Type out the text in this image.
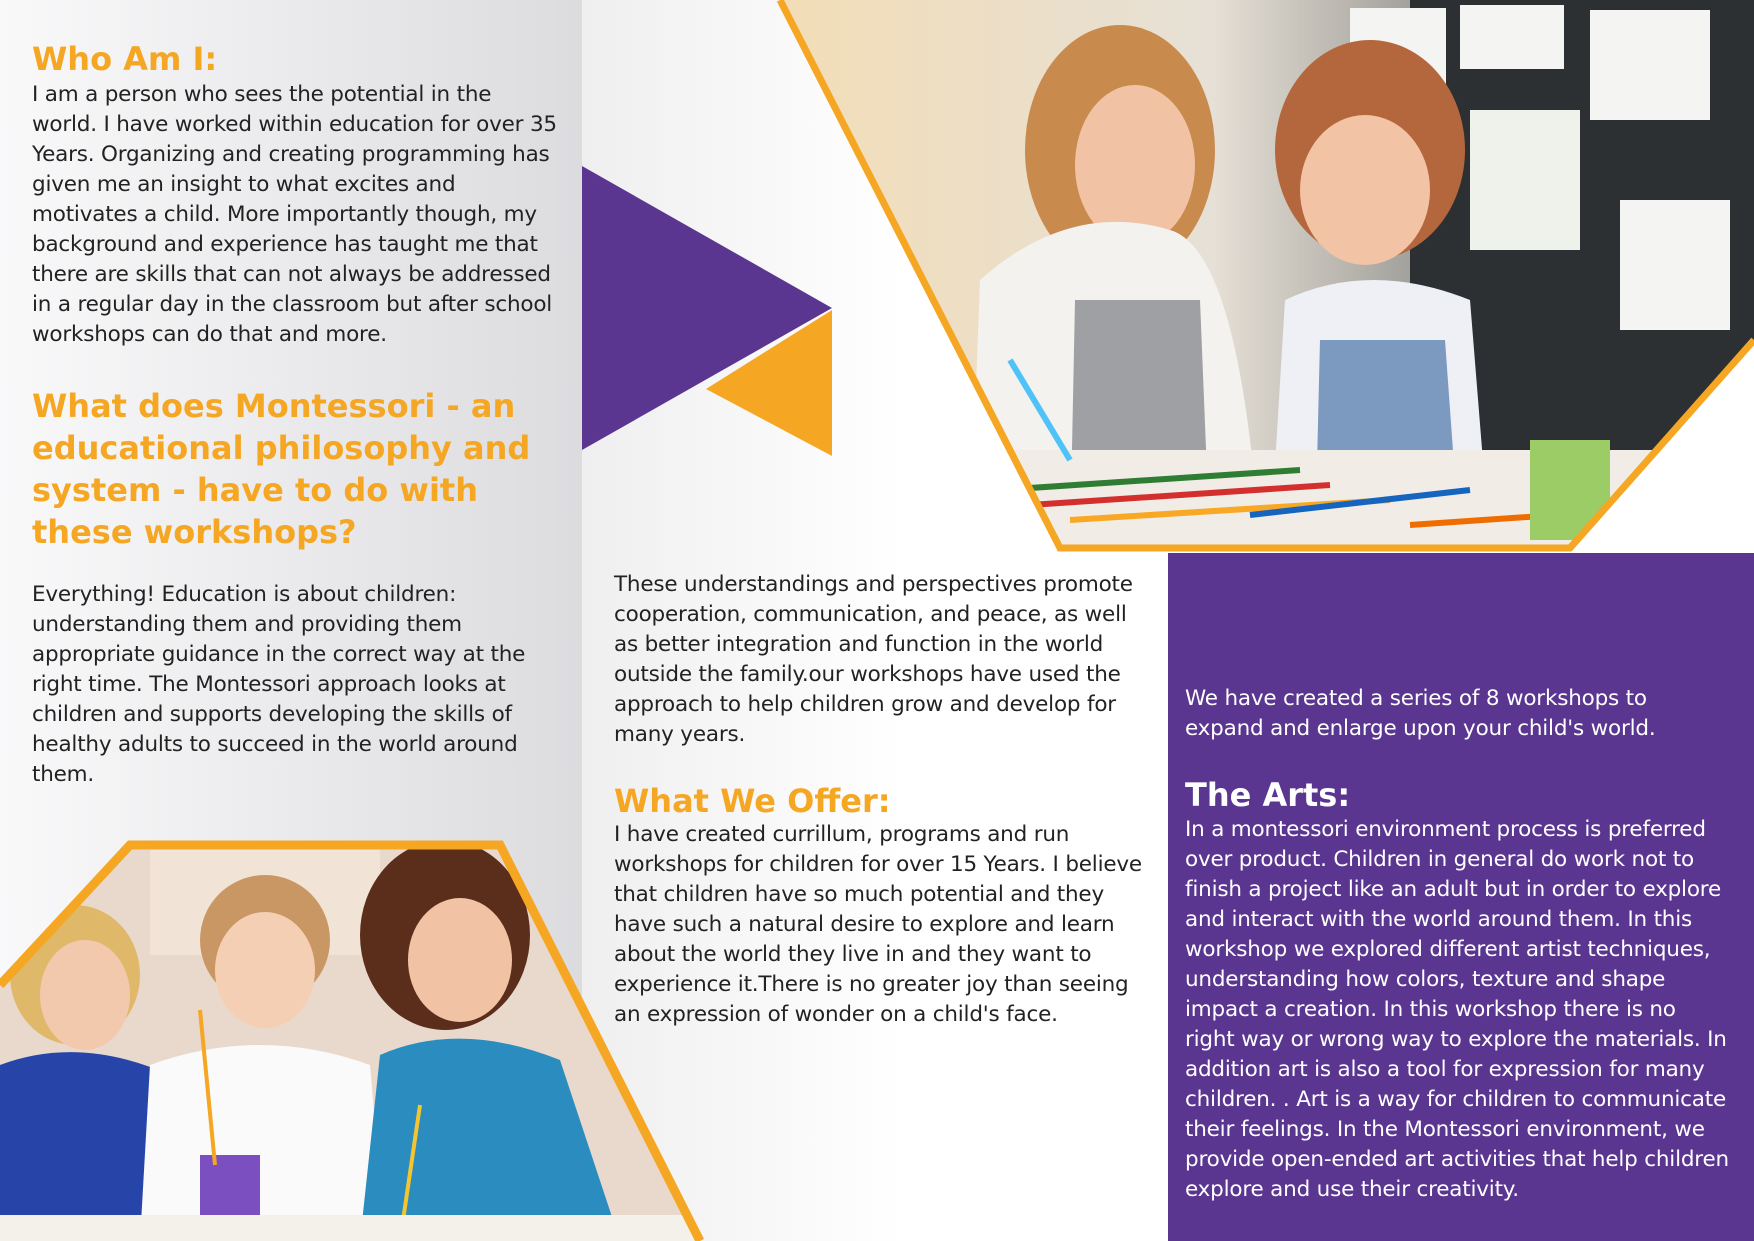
Who Am I:

I am a person who sees the potential in the world. I have worked within education for over 35 Years. Organizing and creating programming has given me an insight to what excites and motivates a child. More importantly though, my background and experience has taught me that there are skills that can not always be addressed in a regular day in the classroom but after school workshops can do that and more.

What does Montessori - an educational philosophy and system - have to do with these workshops?

Everything! Education is about children: understanding them and providing them appropriate guidance in the correct way at the right time. The Montessori approach looks at children and supports developing the skills of healthy adults to succeed in the world around them.

These understandings and perspectives promote cooperation, communication, and peace, as well as better integration and function in the world outside the family.our workshops have used the approach to help children grow and develop for many years.

What We Offer:

I have created currillum, programs and run workshops for children for over 15 Years. I believe that children have so much potential and they have such a natural desire to explore and learn about the world they live in and they want to experience it.There is no greater joy than seeing an expression of wonder on a child's face.

We have created a series of 8 workshops to expand and enlarge upon your child's world.

The Arts:

In a montessori environment process is preferred over product. Children in general do work not to finish a project like an adult but in order to explore and interact with the world around them. In this workshop we explored different artist techniques, understanding how colors, texture and shape impact a creation. In this workshop there is no right way or wrong way to explore the materials. In addition art is also a tool for expression for many children. . Art is a way for children to communicate their feelings. In the Montessori environment, we provide open-ended art activities that help children explore and use their creativity.
